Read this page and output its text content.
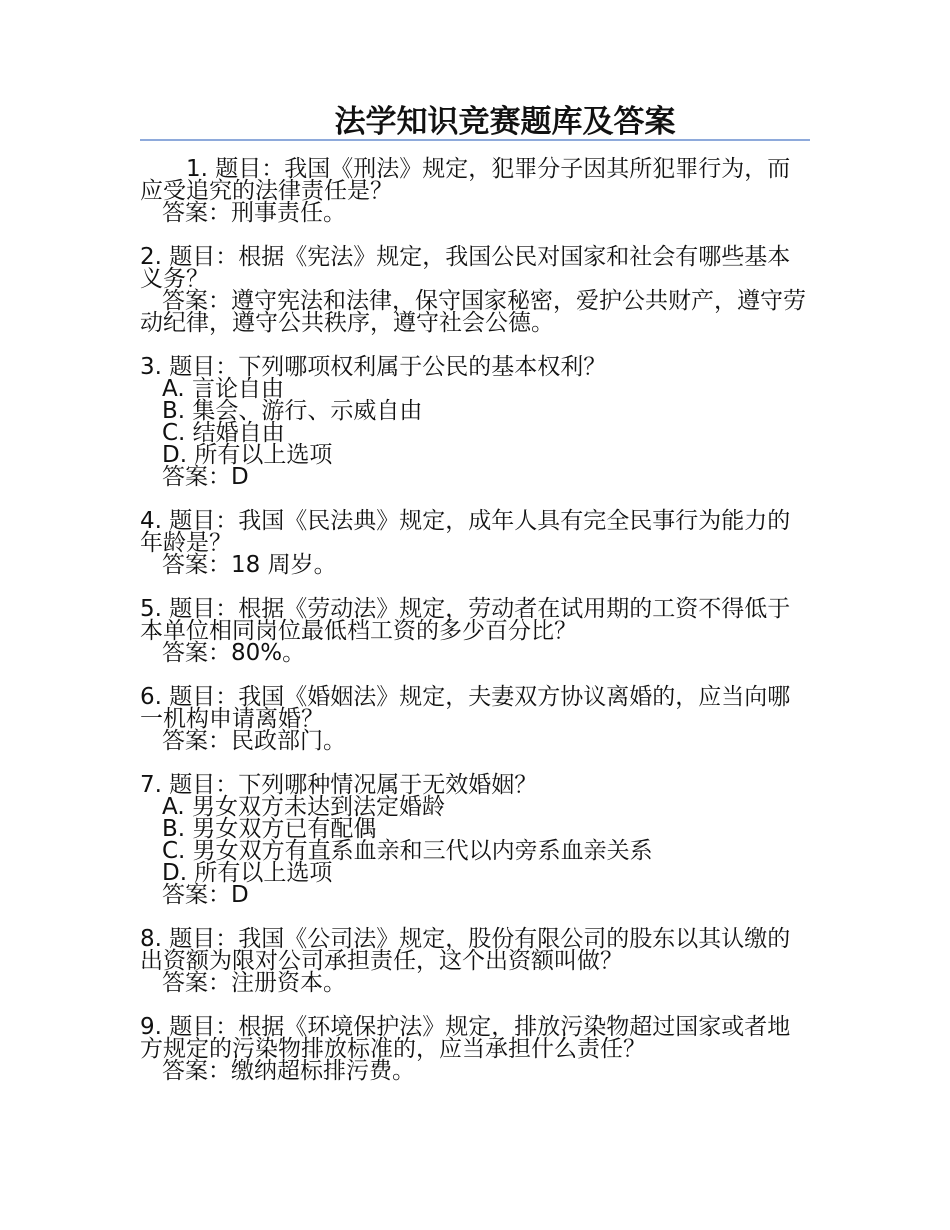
法学知识竞赛题库及答案
1. 题目：我国《刑法》规定，犯罪分子因其所犯罪行为，而应受追究的法律责任是？
答案：刑事责任。
2. 题目：根据《宪法》规定，我国公民对国家和社会有哪些基本义务？
答案：遵守宪法和法律，保守国家秘密，爱护公共财产，遵守劳动纪律，遵守公共秩序，遵守社会公德。
3. 题目：下列哪项权利属于公民的基本权利？
A. 言论自由
B. 集会、游行、示威自由
C. 结婚自由
D. 所有以上选项
答案：D
4. 题目：我国《民法典》规定，成年人具有完全民事行为能力的年龄是？
答案：18 周岁。
5. 题目：根据《劳动法》规定，劳动者在试用期的工资不得低于本单位相同岗位最低档工资的多少百分比？
答案：80%。
6. 题目：我国《婚姻法》规定，夫妻双方协议离婚的，应当向哪一机构申请离婚？
答案：民政部门。
7. 题目：下列哪种情况属于无效婚姻？
A. 男女双方未达到法定婚龄
B. 男女双方已有配偶
C. 男女双方有直系血亲和三代以内旁系血亲关系
D. 所有以上选项
答案：D
8. 题目：我国《公司法》规定，股份有限公司的股东以其认缴的出资额为限对公司承担责任，这个出资额叫做？
答案：注册资本。
9. 题目：根据《环境保护法》规定，排放污染物超过国家或者地方规定的污染物排放标准的，应当承担什么责任？
答案：缴纳超标排污费。
